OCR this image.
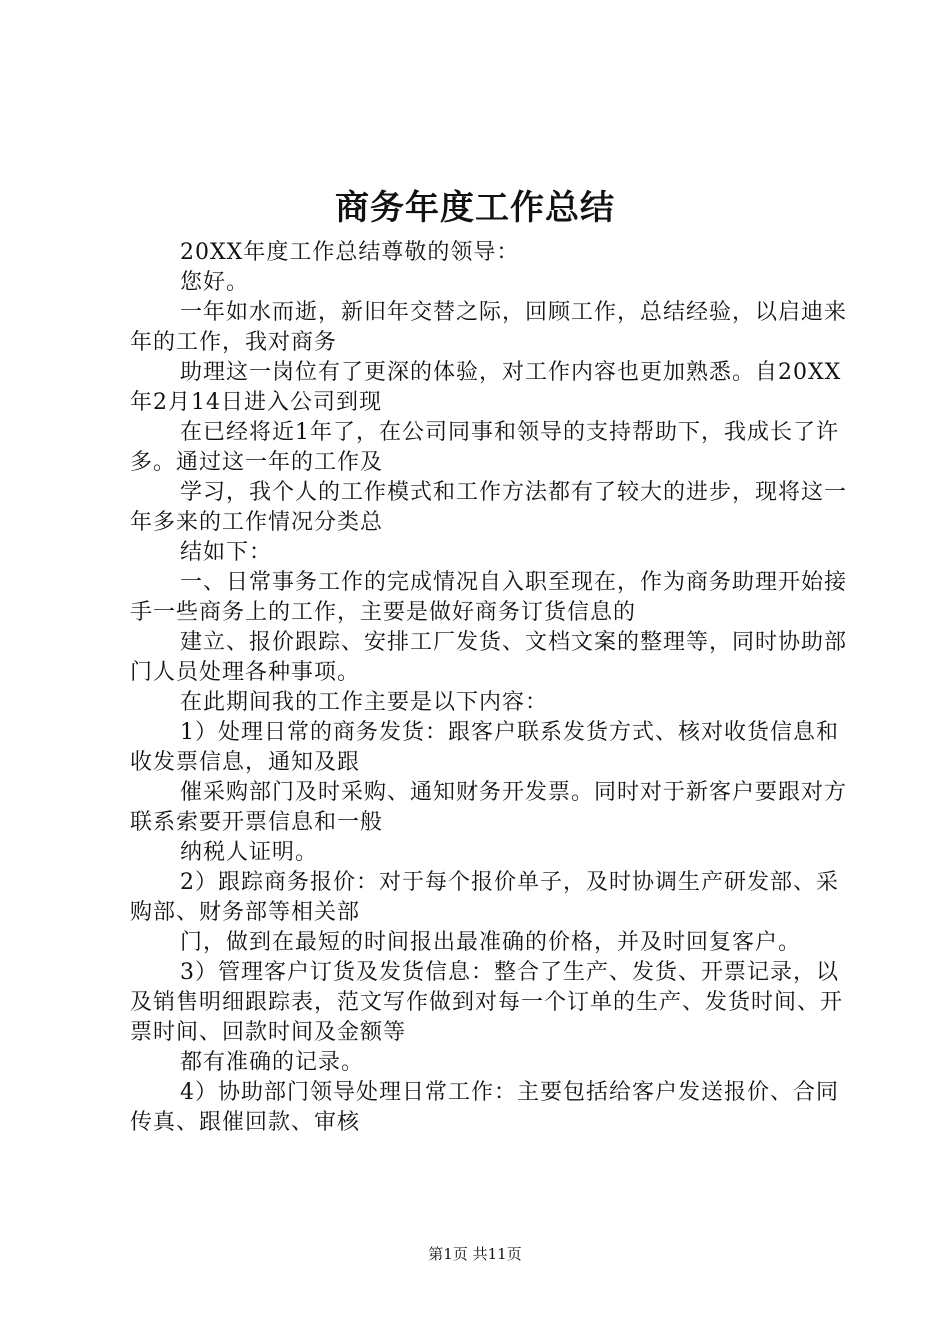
商务年度工作总结

20XX年度工作总结尊敬的领导：

您好。

一年如水而逝，新旧年交替之际，回顾工作，总结经验，以启迪来年的工作，我对商务

助理这一岗位有了更深的体验，对工作内容也更加熟悉。自20XX年2月14日进入公司到现

在已经将近1年了，在公司同事和领导的支持帮助下，我成长了许多。通过这一年的工作及

学习，我个人的工作模式和工作方法都有了较大的进步，现将这一年多来的工作情况分类总

结如下：

一、日常事务工作的完成情况自入职至现在，作为商务助理开始接手一些商务上的工作，主要是做好商务订货信息的

建立、报价跟踪、安排工厂发货、文档文案的整理等，同时协助部门人员处理各种事项。

在此期间我的工作主要是以下内容：

1）处理日常的商务发货：跟客户联系发货方式、核对收货信息和收发票信息，通知及跟

催采购部门及时采购、通知财务开发票。同时对于新客户要跟对方联系索要开票信息和一般

纳税人证明。

2）跟踪商务报价：对于每个报价单子，及时协调生产研发部、采购部、财务部等相关部

门，做到在最短的时间报出最准确的价格，并及时回复客户。

3）管理客户订货及发货信息：整合了生产、发货、开票记录，以及销售明细跟踪表，范文写作做到对每一个订单的生产、发货时间、开票时间、回款时间及金额等

都有准确的记录。

4）协助部门领导处理日常工作：主要包括给客户发送报价、合同传真、跟催回款、审核

第1页 共11页
